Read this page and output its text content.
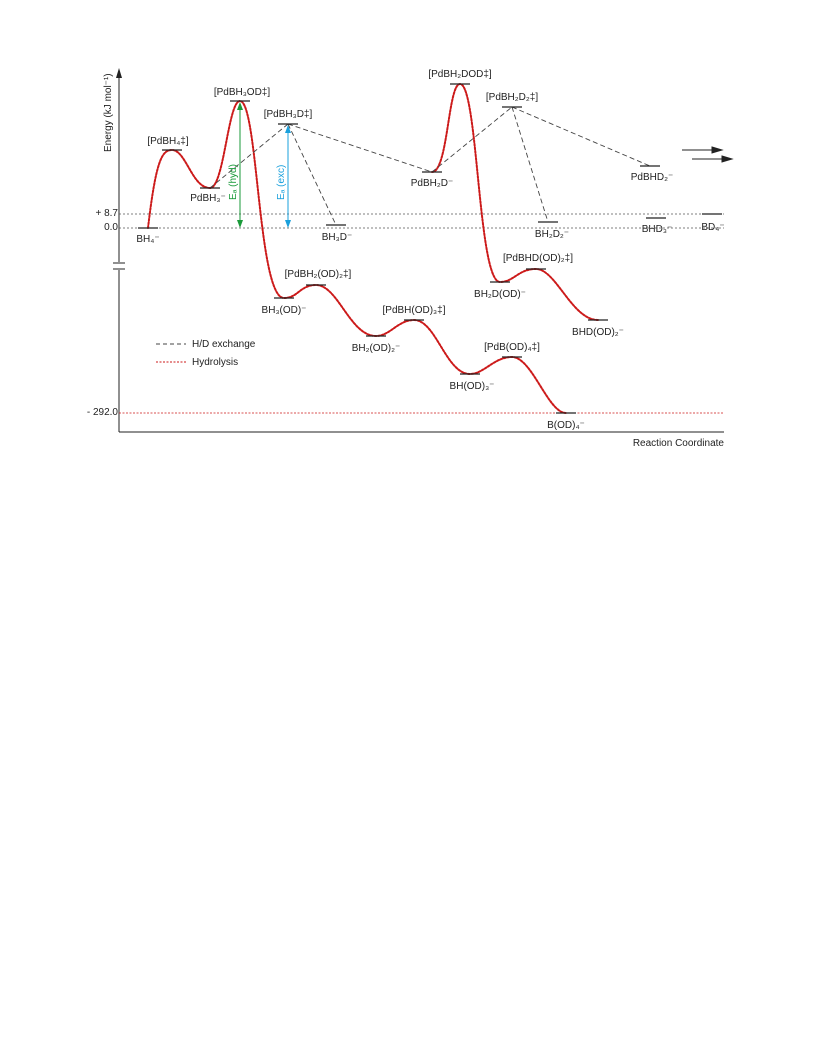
Energy (kJ mol⁻¹)
Reaction Coordinate
+ 8.7
0.0
- 292.0
Eₐ (hyd)	Eₐ (exc)
BH₄⁻
[PdBH₄‡]
PdBH₃⁻
[PdBH₃OD‡]
[PdBH₃D‡]
BH₃D⁻
BH₃(OD)⁻
[PdBH₂(OD)₂‡]
BH₂(OD)₂⁻
[PdBH(OD)₃‡]
BH(OD)₃⁻
[PdB(OD)₄‡]
B(OD)₄⁻
PdBH₂D⁻
[PdBH₂DOD‡]
[PdBH₂D₂‡]
BH₂D₂⁻
BH₂D(OD)⁻
[PdBHD(OD)₂‡]
BHD(OD)₂⁻
PdBHD₂⁻
BHD₃⁻	BD₄⁻
H/D exchange
Hydrolysis
